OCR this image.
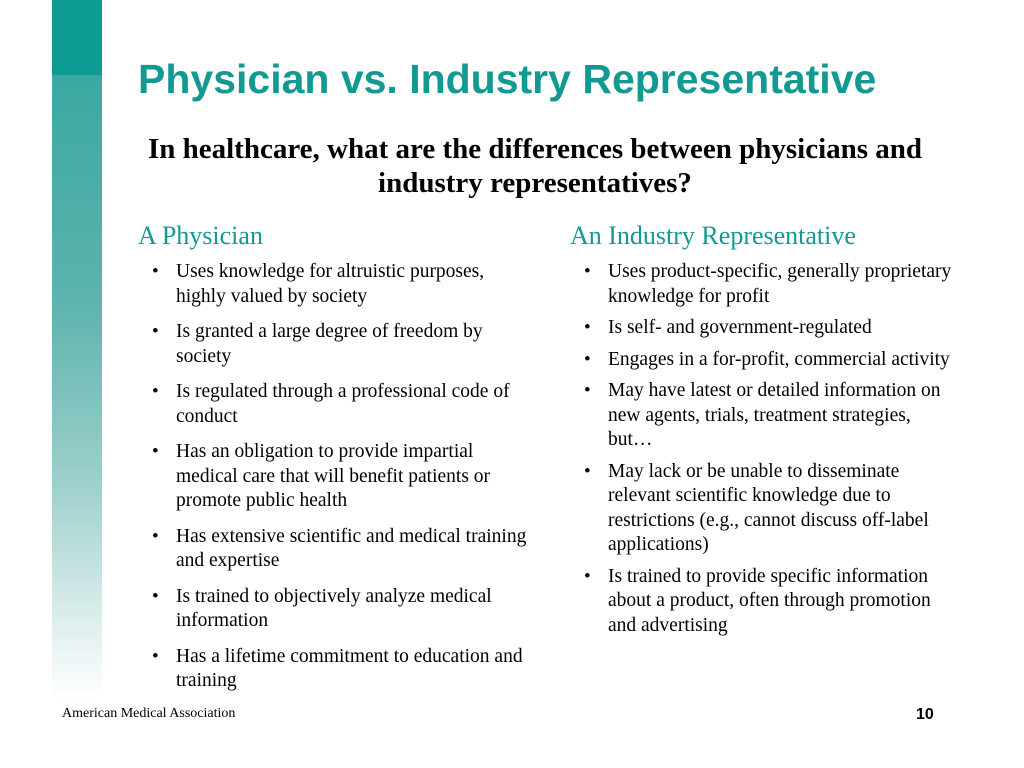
Physician vs. Industry Representative
In healthcare, what are the differences between physicians and industry representatives?
A Physician
• Uses knowledge for altruistic purposes, highly valued by society
• Is granted a large degree of freedom by society
• Is regulated through a professional code of conduct
• Has an obligation to provide impartial medical care that will benefit patients or promote public health
• Has extensive scientific and medical training and expertise
• Is trained to objectively analyze medical information
• Has a lifetime commitment to education and training
An Industry Representative
• Uses product-specific, generally proprietary knowledge for profit
• Is self- and government-regulated
• Engages in a for-profit, commercial activity
• May have latest or detailed information on new agents, trials, treatment strategies, but…
• May lack or be unable to disseminate relevant scientific knowledge due to restrictions (e.g., cannot discuss off-label applications)
• Is trained to provide specific information about a product, often through promotion and advertising
American Medical Association	10
